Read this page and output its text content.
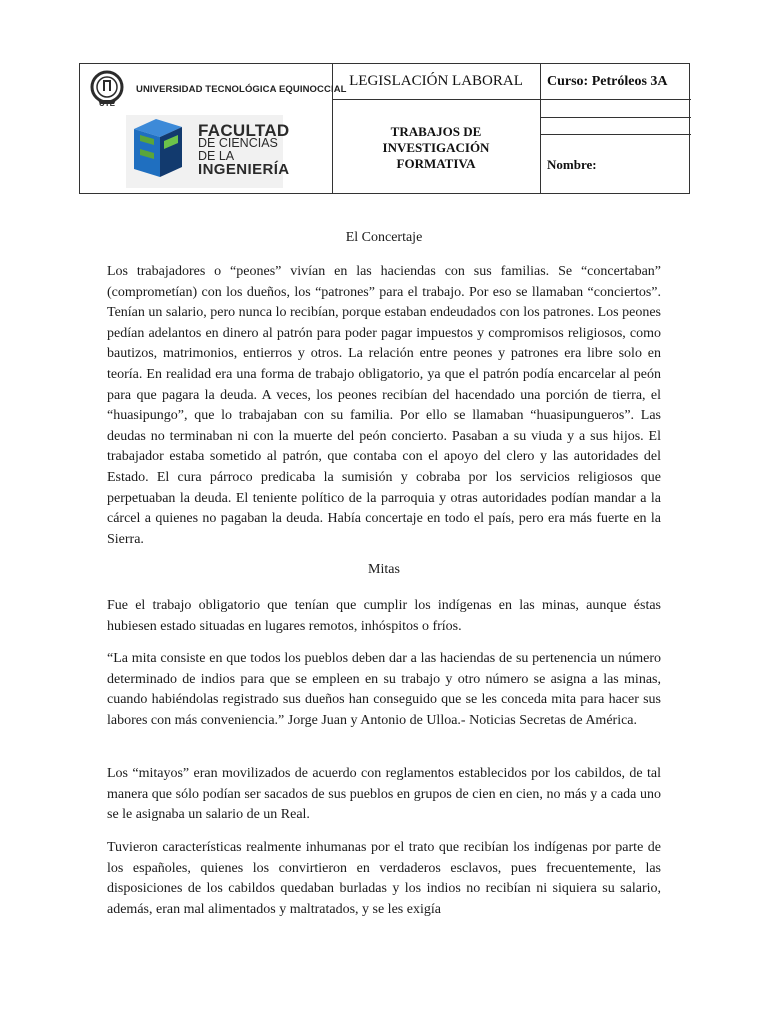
UTE
UNIVERSIDAD TECNOLÓGICA EQUINOCCIAL
FACULTAD
DE CIENCIAS
DE LA
INGENIERÍA
LEGISLACIÓN LABORAL	Curso: Petróleos 3A
TRABAJOS DE
INVESTIGACIÓN
FORMATIVA	Nombre:
El Concertaje
Los trabajadores o “peones” vivían en las haciendas con sus familias. Se “concertaban” (comprometían) con los dueños, los “patrones” para el trabajo. Por eso se llamaban “conciertos”. Tenían un salario, pero nunca lo recibían, porque estaban endeudados con los patrones. Los peones pedían adelantos en dinero al patrón para poder pagar impuestos y compromisos religiosos, como bautizos, matrimonios, entierros y otros. La relación entre peones y patrones era libre solo en teoría. En realidad era una forma de trabajo obligatorio, ya que el patrón podía encarcelar al peón para que pagara la deuda. A veces, los peones recibían del hacendado una porción de tierra, el “huasipungo”, que lo trabajaban con su familia. Por ello se llamaban “huasipungueros”. Las deudas no terminaban ni con la muerte del peón concierto. Pasaban a su viuda y a sus hijos. El trabajador estaba sometido al patrón, que contaba con el apoyo del clero y las autoridades del Estado. El cura párroco predicaba la sumisión y cobraba por los servicios religiosos que perpetuaban la deuda. El teniente político de la parroquia y otras autoridades podían mandar a la cárcel a quienes no pagaban la deuda. Había concertaje en todo el país, pero era más fuerte en la Sierra.
Mitas
Fue el trabajo obligatorio que tenían que cumplir los indígenas en las minas, aunque éstas hubiesen estado situadas en lugares remotos, inhóspitos o fríos.
“La mita consiste en que todos los pueblos deben dar a las haciendas de su pertenencia un número determinado de indios para que se empleen en su trabajo y otro número se asigna a las minas, cuando habiéndolas registrado sus dueños han conseguido que se les conceda mita para hacer sus labores con más conveniencia.” Jorge Juan y Antonio de Ulloa.- Noticias Secretas de América.
Los “mitayos” eran movilizados de acuerdo con reglamentos establecidos por los cabildos, de tal manera que sólo podían ser sacados de sus pueblos en grupos de cien en cien, no más y a cada uno se le asignaba un salario de un Real.
Tuvieron características realmente inhumanas por el trato que recibían los indígenas por parte de los españoles, quienes los convirtieron en verdaderos esclavos, pues frecuentemente, las disposiciones de los cabildos quedaban burladas y los indios no recibían ni siquiera su salario, además, eran mal alimentados y maltratados, y se les exigía
